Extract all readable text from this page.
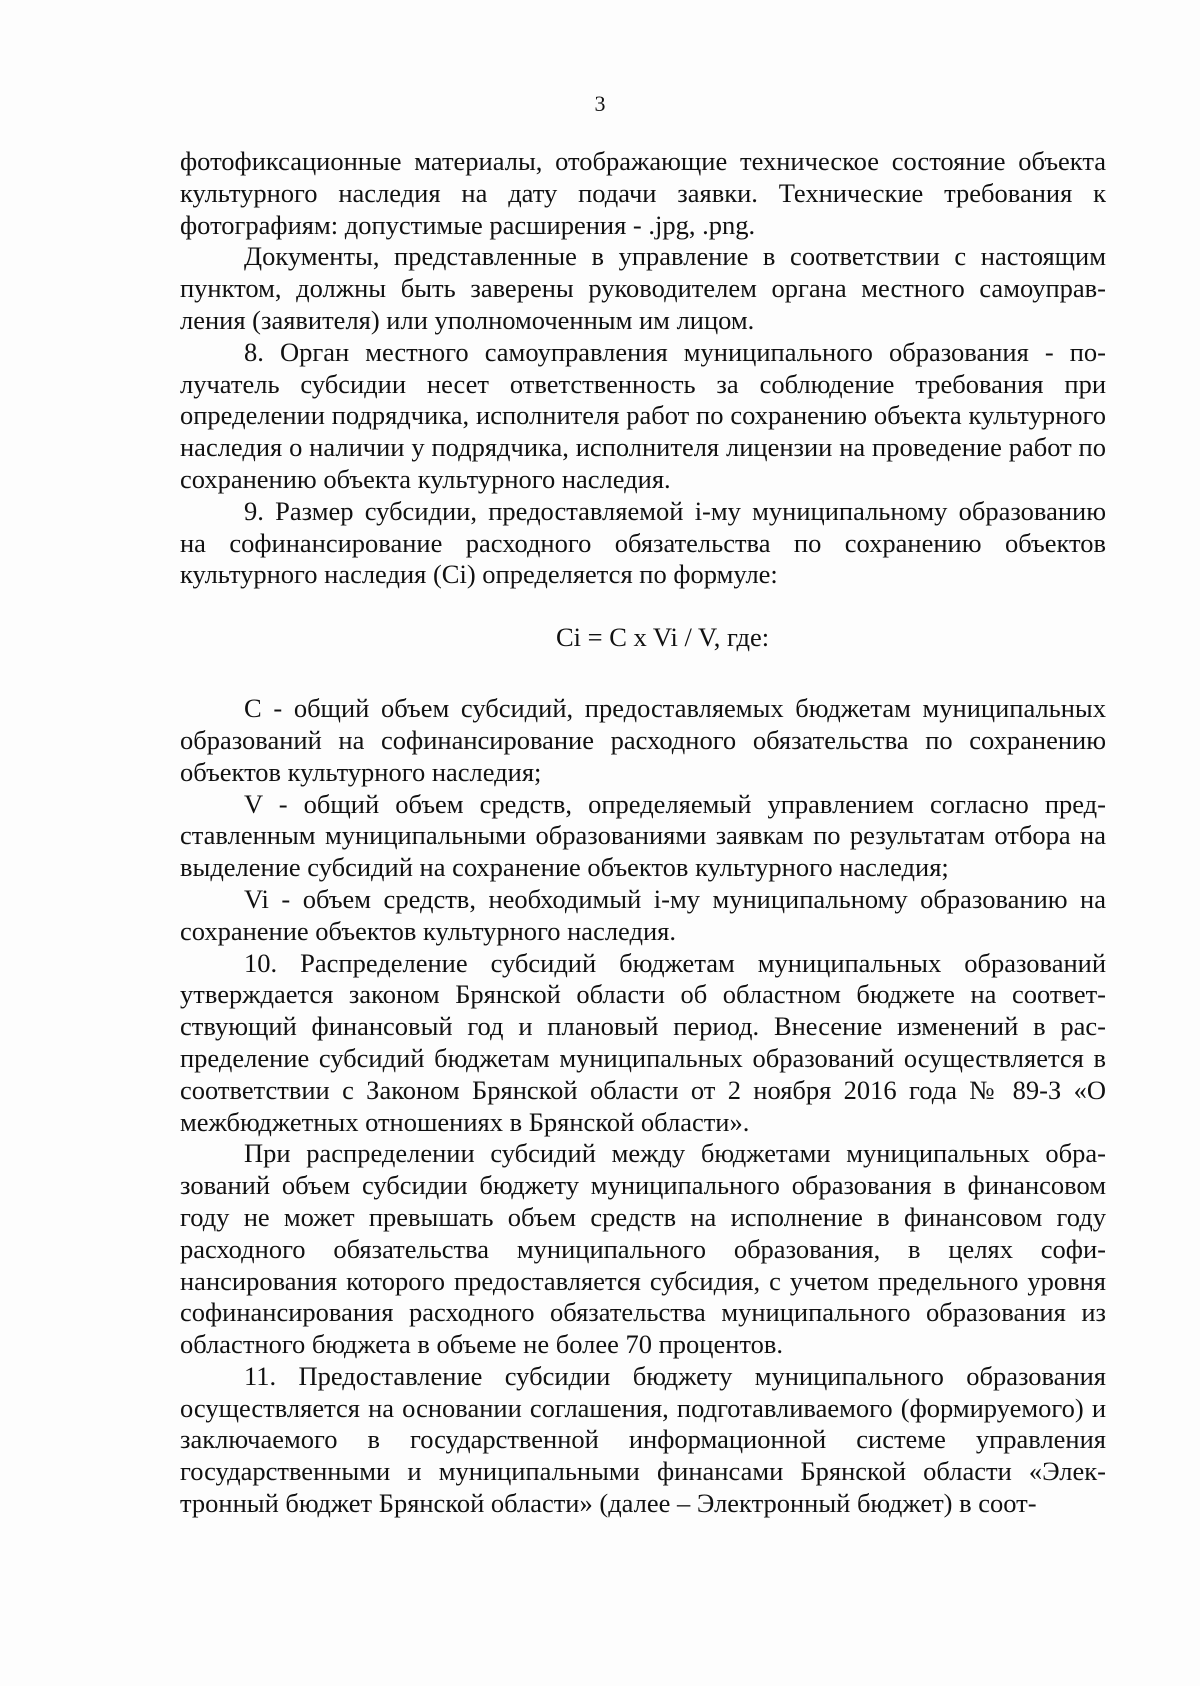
3

фотофиксационные материалы, отображающие техническое состояние объекта культурного наследия на дату подачи заявки. Технические требования к фотографиям: допустимые расширения - .jpg, .png.

Документы, представленные в управление в соответствии с настоящим пунктом, должны быть заверены руководителем органа местного самоуправления (заявителя) или уполномоченным им лицом.

8. Орган местного самоуправления муниципального образования - получатель субсидии несет ответственность за соблюдение требования при определении подрядчика, исполнителя работ по сохранению объекта культурного наследия о наличии у подрядчика, исполнителя лицензии на проведение работ по сохранению объекта культурного наследия.

9. Размер субсидии, предоставляемой i-му муниципальному образованию на софинансирование расходного обязательства по сохранению объектов культурного наследия (Ci) определяется по формуле:

Ci = C x Vi / V, где:

С - общий объем субсидий, предоставляемых бюджетам муниципальных образований на софинансирование расходного обязательства по сохранению объектов культурного наследия;

V - общий объем средств, определяемый управлением согласно представленным муниципальными образованиями заявкам по результатам отбора на выделение субсидий на сохранение объектов культурного наследия;

Vi - объем средств, необходимый i-му муниципальному образованию на сохранение объектов культурного наследия.

10. Распределение субсидий бюджетам муниципальных образований утверждается законом Брянской области об областном бюджете на соответствующий финансовый год и плановый период. Внесение изменений в распределение субсидий бюджетам муниципальных образований осуществляется в соответствии с Законом Брянской области от 2 ноября 2016 года № 89-З «О межбюджетных отношениях в Брянской области».

При распределении субсидий между бюджетами муниципальных образований объем субсидии бюджету муниципального образования в финансовом году не может превышать объем средств на исполнение в финансовом году расходного обязательства муниципального образования, в целях софинансирования которого предоставляется субсидия, с учетом предельного уровня софинансирования расходного обязательства муниципального образования из областного бюджета в объеме не более 70 процентов.

11. Предоставление субсидии бюджету муниципального образования осуществляется на основании соглашения, подготавливаемого (формируемого) и заключаемого в государственной информационной системе управления государственными и муниципальными финансами Брянской области «Электронный бюджет Брянской области» (далее – Электронный бюджет) в соот-
